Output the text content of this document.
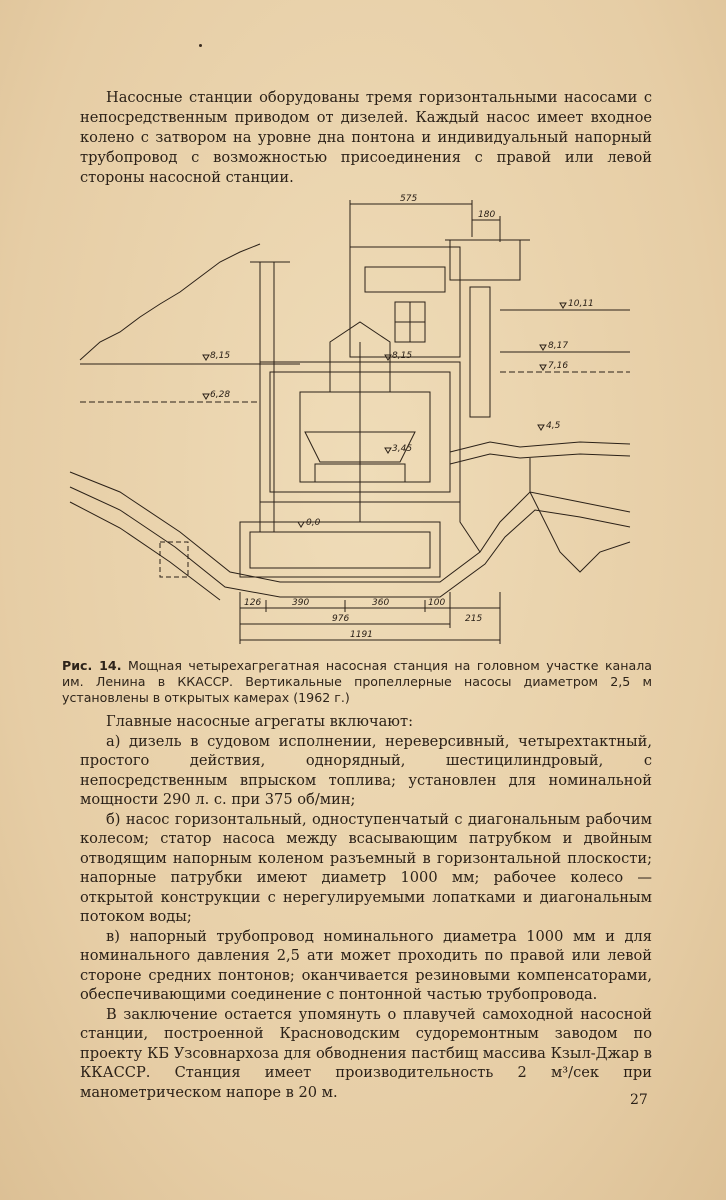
Насосные станции оборудованы тремя горизонтальными насосами с непосредственным приводом от дизелей. Каждый насос имеет входное колено с затвором на уровне дна понтона и индивидуальный напорный трубопровод с возможностью присоединения с правой или левой стороны насосной станции.

575
180
10,11
8,15	8,15
8,17
7,16
6,28
4,5
3,45
0,0
126	390	360	100
976	215
1191
Рис. 14. Мощная четырехагрегатная насосная станция на головном участке канала им. Ленина в ККАССР. Вертикальные пропеллерные насосы диаметром 2,5 м установлены в открытых камерах (1962 г.)

Главные насосные агрегаты включают:

а) дизель в судовом исполнении, нереверсивный, четырехтактный, простого действия, однорядный, шестицилиндровый, с непосредственным впрыском топлива; установлен для номинальной мощности 290 л. с. при 375 об/мин;

б) насос горизонтальный, одноступенчатый с диагональным рабочим колесом; статор насоса между всасывающим патрубком и двойным отводящим напорным коленом разъемный в горизонтальной плоскости; напорные патрубки имеют диаметр 1000 мм; рабочее колесо — открытой конструкции с нерегулируемыми лопатками и диагональным потоком воды;

в) напорный трубопровод номинального диаметра 1000 мм и для номинального давления 2,5 ати может проходить по правой или левой стороне средних понтонов; оканчивается резиновыми компенсаторами, обеспечивающими соединение с понтонной частью трубопровода.

В заключение остается упомянуть о плавучей самоходной насосной станции, построенной Красноводским судоремонтным заводом по проекту КБ Узсовнархоза для обводнения пастбищ массива Кзыл-Джар в ККАССР. Станция имеет производительность 2 м³/сек при манометрическом напоре в 20 м.	27
